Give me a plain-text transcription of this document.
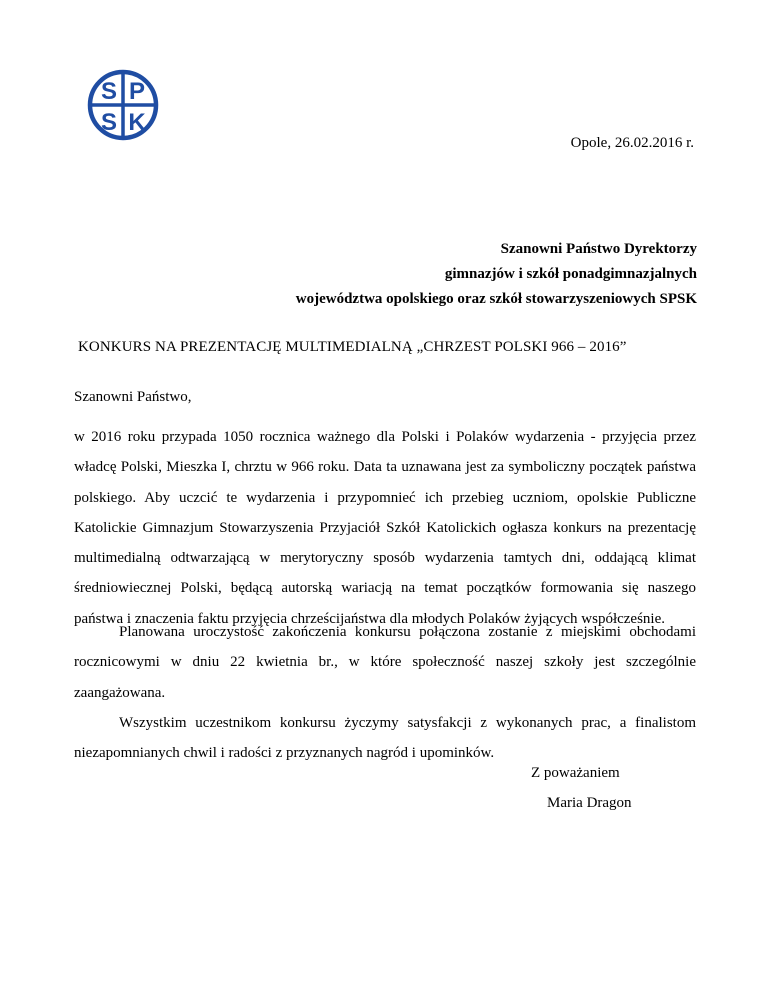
S P
S K
Opole, 26.02.2016 r.
Szanowni Państwo Dyrektorzy
gimnazjów i szkół ponadgimnazjalnych
województwa opolskiego oraz szkół stowarzyszeniowych SPSK
KONKURS NA PREZENTACJĘ MULTIMEDIALNĄ „CHRZEST POLSKI 966 – 2016”
Szanowni Państwo,

w 2016 roku przypada 1050 rocznica ważnego dla Polski i Polaków wydarzenia - przyjęcia przez władcę Polski, Mieszka I, chrztu w 966 roku. Data ta uznawana jest za symboliczny początek państwa polskiego. Aby uczcić te wydarzenia i przypomnieć ich przebieg uczniom, opolskie Publiczne Katolickie Gimnazjum Stowarzyszenia Przyjaciół Szkół Katolickich ogłasza konkurs na prezentację multimedialną odtwarzającą w merytoryczny sposób wydarzenia tamtych dni, oddającą klimat średniowiecznej Polski, będącą autorską wariacją na temat początków formowania się naszego państwa i znaczenia faktu przyjęcia chrześcijaństwa dla młodych Polaków żyjących współcześnie.

Planowana uroczystość zakończenia konkursu połączona zostanie z miejskimi obchodami rocznicowymi w dniu 22 kwietnia br., w które społeczność naszej szkoły jest szczególnie zaangażowana.

Wszystkim uczestnikom konkursu życzymy satysfakcji z wykonanych prac, a finalistom niezapomnianych chwil i radości z przyznanych nagród i upominków.

Z poważaniem
Maria Dragon
